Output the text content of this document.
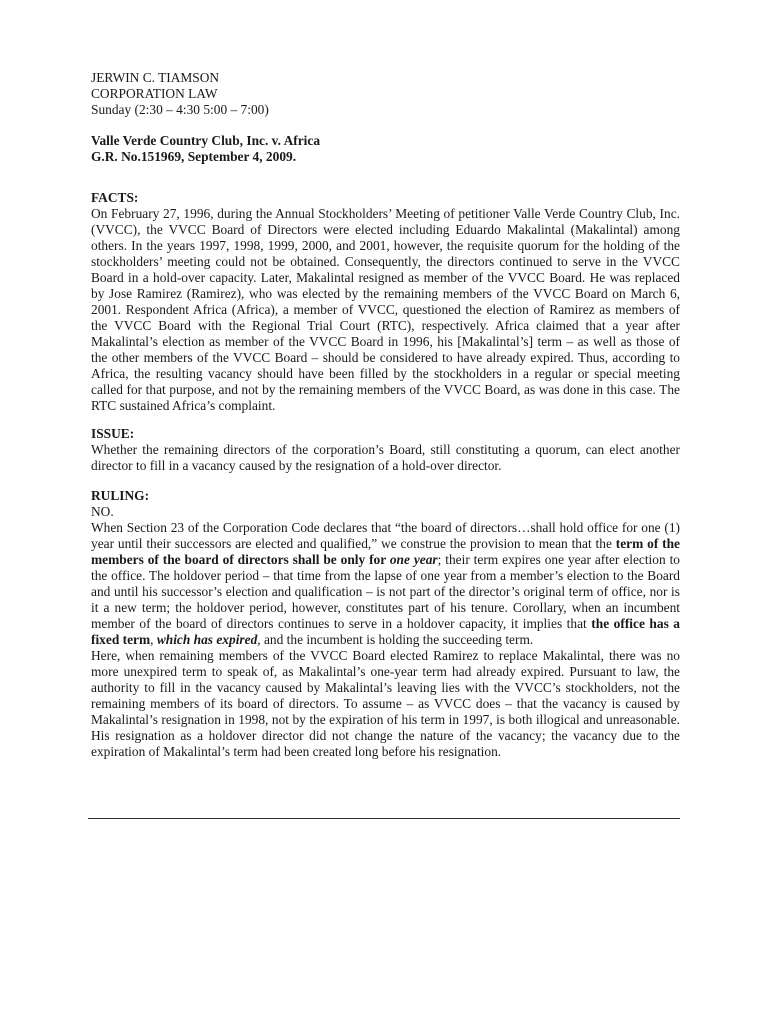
JERWIN C. TIAMSON
CORPORATION LAW
Sunday (2:30 – 4:30 5:00 – 7:00)
Valle Verde Country Club, Inc. v. Africa
G.R. No.151969, September 4, 2009.
FACTS:

On February 27, 1996, during the Annual Stockholders’ Meeting of petitioner Valle Verde Country Club, Inc. (VVCC), the VVCC Board of Directors were elected including Eduardo Makalintal (Makalintal) among others. In the years 1997, 1998, 1999, 2000, and 2001, however, the requisite quorum for the holding of the stockholders’ meeting could not be obtained. Consequently, the directors continued to serve in the VVCC Board in a hold-over capacity. Later, Makalintal resigned as member of the VVCC Board. He was replaced by Jose Ramirez (Ramirez), who was elected by the remaining members of the VVCC Board on March 6, 2001. Respondent Africa (Africa), a member of VVCC, questioned the election of Ramirez as members of the VVCC Board with the Regional Trial Court (RTC), respectively. Africa claimed that a year after Makalintal’s election as member of the VVCC Board in 1996, his [Makalintal’s] term – as well as those of the other members of the VVCC Board – should be considered to have already expired. Thus, according to Africa, the resulting vacancy should have been filled by the stockholders in a regular or special meeting called for that purpose, and not by the remaining members of the VVCC Board, as was done in this case. The RTC sustained Africa’s complaint.

ISSUE:

Whether the remaining directors of the corporation’s Board, still constituting a quorum, can elect another director to fill in a vacancy caused by the resignation of a hold-over director.

RULING:

NO.

When Section 23 of the Corporation Code declares that “the board of directors…shall hold office for one (1) year until their successors are elected and qualified,” we construe the provision to mean that the term of the members of the board of directors shall be only for one year; their term expires one year after election to the office. The holdover period – that time from the lapse of one year from a member’s election to the Board and until his successor’s election and qualification – is not part of the director’s original term of office, nor is it a new term; the holdover period, however, constitutes part of his tenure. Corollary, when an incumbent member of the board of directors continues to serve in a holdover capacity, it implies that the office has a fixed term, which has expired, and the incumbent is holding the succeeding term.

Here, when remaining members of the VVCC Board elected Ramirez to replace Makalintal, there was no more unexpired term to speak of, as Makalintal’s one-year term had already expired. Pursuant to law, the authority to fill in the vacancy caused by Makalintal’s leaving lies with the VVCC’s stockholders, not the remaining members of its board of directors. To assume – as VVCC does – that the vacancy is caused by Makalintal’s resignation in 1998, not by the expiration of his term in 1997, is both illogical and unreasonable. His resignation as a holdover director did not change the nature of the vacancy; the vacancy due to the expiration of Makalintal’s term had been created long before his resignation.
